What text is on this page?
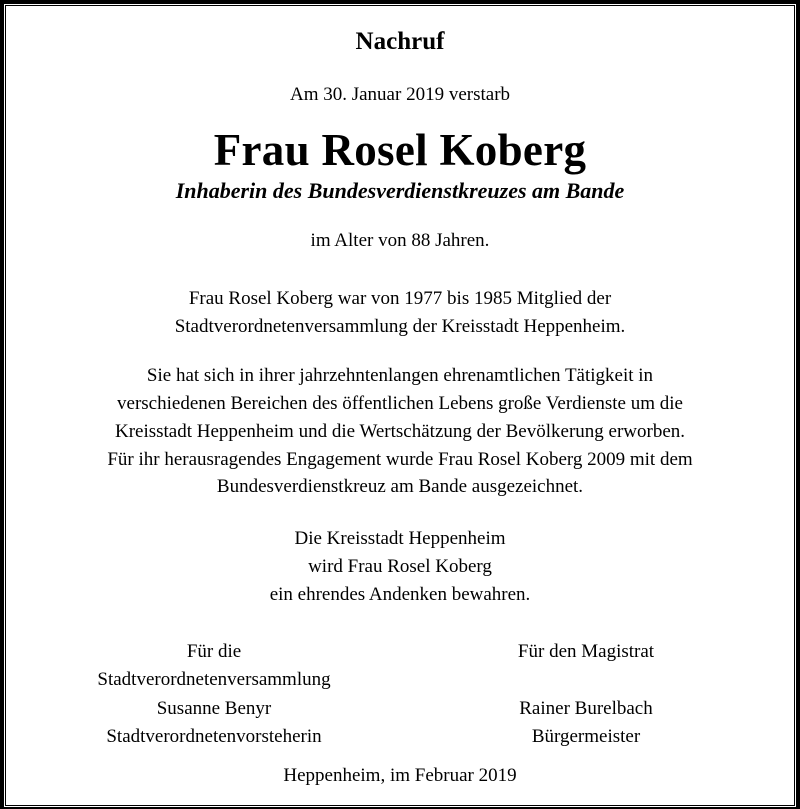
Nachruf

Am 30. Januar 2019 verstarb

Frau Rosel Koberg

Inhaberin des Bundesverdienstkreuzes am Bande

im Alter von 88 Jahren.

Frau Rosel Koberg war von 1977 bis 1985 Mitglied der
Stadtverordnetenversammlung der Kreisstadt Heppenheim.

Sie hat sich in ihrer jahrzehntenlangen ehrenamtlichen Tätigkeit in
verschiedenen Bereichen des öffentlichen Lebens große Verdienste um die
Kreisstadt Heppenheim und die Wertschätzung der Bevölkerung erworben.
Für ihr herausragendes Engagement wurde Frau Rosel Koberg 2009 mit dem
Bundesverdienstkreuz am Bande ausgezeichnet.

Die Kreisstadt Heppenheim
wird Frau Rosel Koberg
ein ehrendes Andenken bewahren.

Für die
Stadtverordnetenversammlung
Susanne Benyr
Stadtverordnetenvorsteherin
Für den Magistrat
Rainer Burelbach
Bürgermeister

Heppenheim, im Februar 2019
